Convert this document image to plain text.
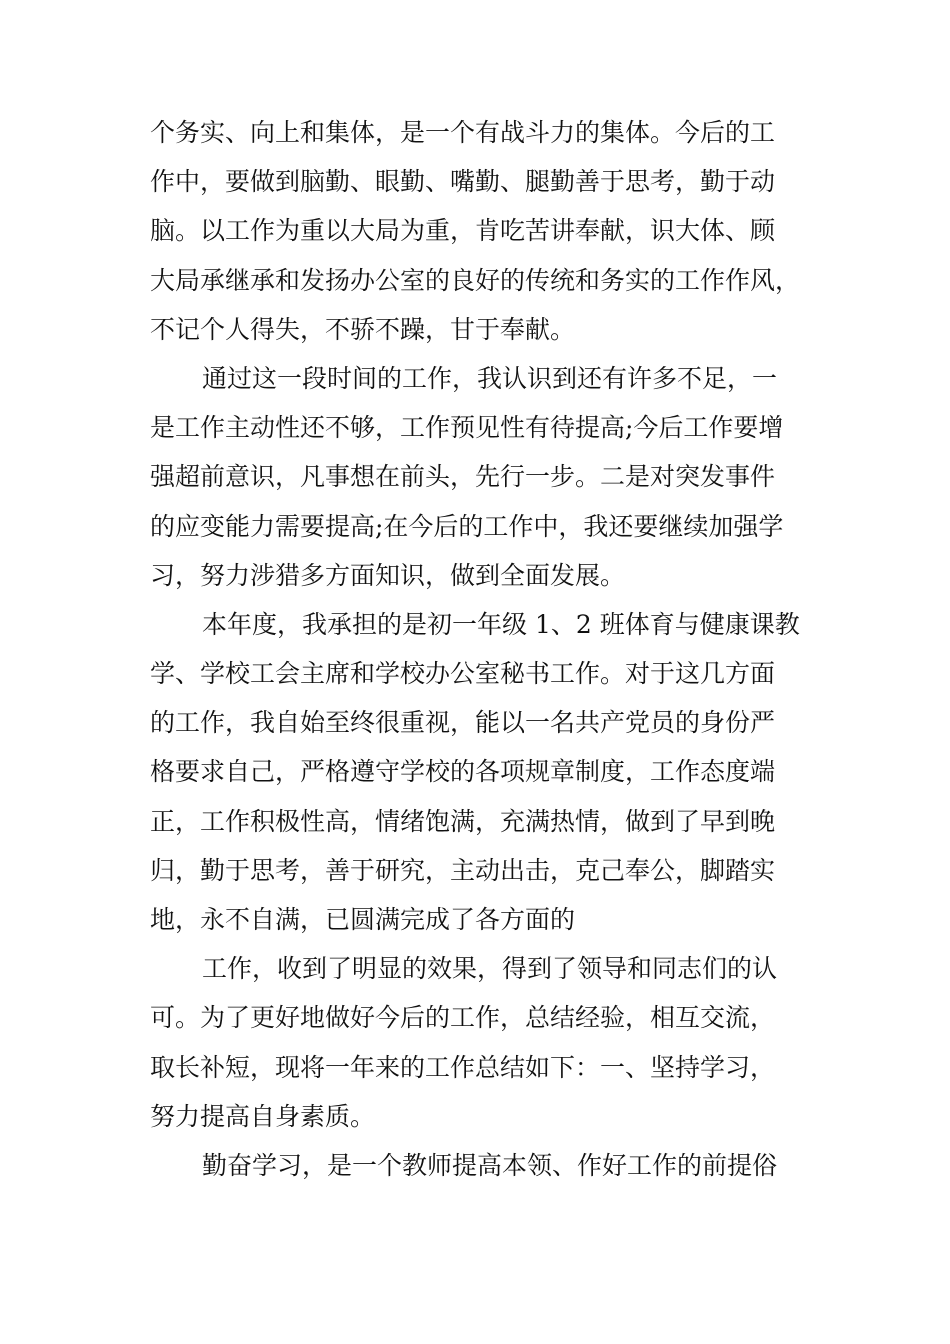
个务实、向上和集体，是一个有战斗力的集体。今后的工
作中，要做到脑勤、眼勤、嘴勤、腿勤善于思考，勤于动
脑。以工作为重以大局为重，肯吃苦讲奉献，识大体、顾
大局承继承和发扬办公室的良好的传统和务实的工作作风，
不记个人得失，不骄不躁，甘于奉献。
通过这一段时间的工作，我认识到还有许多不足，一
是工作主动性还不够，工作预见性有待提高;今后工作要增
强超前意识，凡事想在前头，先行一步。二是对突发事件
的应变能力需要提高;在今后的工作中，我还要继续加强学
习，努力涉猎多方面知识，做到全面发展。
本年度，我承担的是初一年级 1、2 班体育与健康课教
学、学校工会主席和学校办公室秘书工作。对于这几方面
的工作，我自始至终很重视，能以一名共产党员的身份严
格要求自己，严格遵守学校的各项规章制度，工作态度端
正，工作积极性高，情绪饱满，充满热情，做到了早到晚
归，勤于思考，善于研究，主动出击，克己奉公，脚踏实
地，永不自满，已圆满完成了各方面的
工作，收到了明显的效果，得到了领导和同志们的认
可。为了更好地做好今后的工作，总结经验，相互交流，
取长补短，现将一年来的工作总结如下：一、坚持学习，
努力提高自身素质。
勤奋学习，是一个教师提高本领、作好工作的前提俗
